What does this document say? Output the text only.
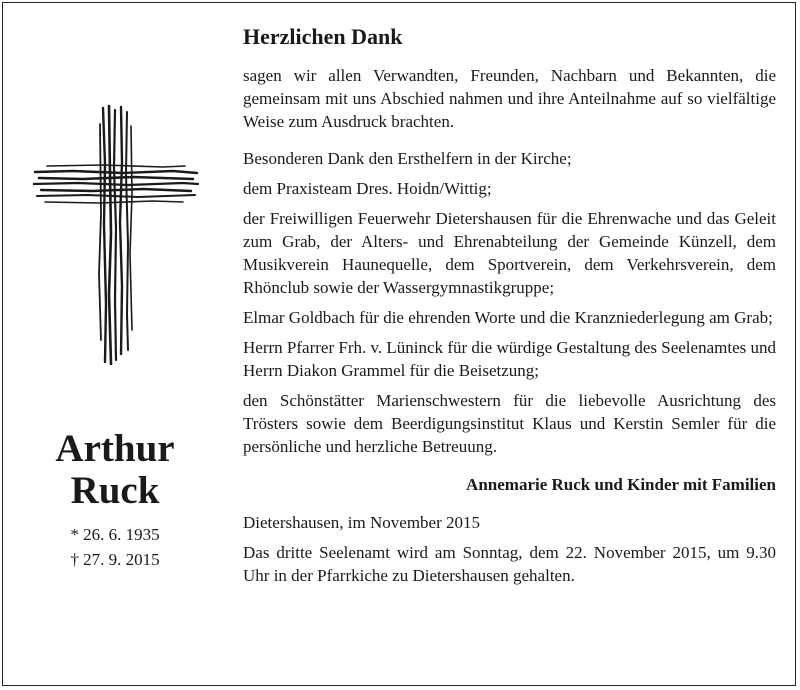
Arthur
Ruck
* 26. 6. 1935
† 27. 9. 2015
Herzlichen Dank
sagen wir allen Verwandten, Freunden, Nachbarn und Bekannten, die gemeinsam mit uns Abschied nahmen und ihre Anteilnahme auf so vielfältige Weise zum Ausdruck brachten.
Besonderen Dank den Ersthelfern in der Kirche;
dem Praxisteam Dres. Hoidn/Wittig;
der Freiwilligen Feuerwehr Dietershausen für die Ehrenwache und das Geleit zum Grab, der Alters- und Ehrenabteilung der Gemeinde Künzell, dem Musikverein Haunequelle, dem Sportverein, dem Verkehrsverein, dem Rhönclub sowie der Wassergymnastikgruppe;
Elmar Goldbach für die ehrenden Worte und die Kranzniederlegung am Grab;
Herrn Pfarrer Frh. v. Lüninck für die würdige Gestaltung des Seelenamtes und Herrn Diakon Grammel für die Beisetzung;
den Schönstätter Marienschwestern für die liebevolle Ausrichtung des Trösters sowie dem Beerdigungsinstitut Klaus und Kerstin Semler für die persönliche und herzliche Betreuung.
Annemarie Ruck und Kinder mit Familien
Dietershausen, im November 2015
Das dritte Seelenamt wird am Sonntag, dem 22. November 2015, um 9.30 Uhr in der Pfarrkiche zu Dietershausen gehalten.
